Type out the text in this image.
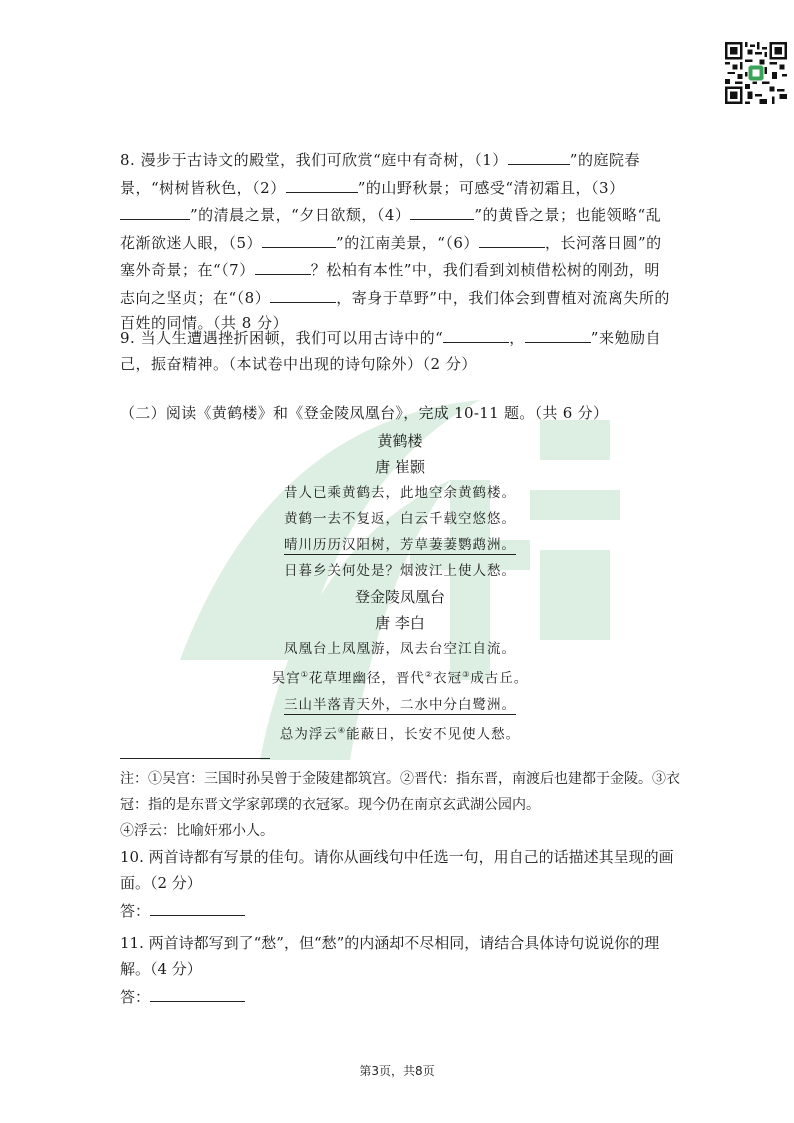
8. 漫步于古诗文的殿堂，我们可欣赏“庭中有奇树，（1）	”的庭院春景，“树树皆秋色，（2）	”的山野秋景；可感受“清初霜且，（3）”的清晨之景，“夕日欲颓，（4）	”的黄昏之景；也能领略“乱花渐欲迷人眼，（5）	”的江南美景，“（6）	，长河落日圆”的塞外奇景；在“（7）	？松柏有本性”中，我们看到刘桢借松树的刚劲，明志向之坚贞；在“（8）	，寄身于草野”中，我们体会到曹植对流离失所的百姓的同情。（共 8 分）
9. 当人生遭遇挫折困顿，我们可以用古诗中的“	，	”来勉励自己，振奋精神。（本试卷中出现的诗句除外）（2 分）
（二）阅读《黄鹤楼》和《登金陵凤凰台》，完成 10-11 题。（共 6 分）
黄鹤楼
唐 崔颢
昔人已乘黄鹤去，此地空余黄鹤楼。
黄鹤一去不复返，白云千载空悠悠。
晴川历历汉阳树，芳草萋萋鹦鹉洲。
日暮乡关何处是？烟波江上使人愁。
登金陵凤凰台
唐 李白
凤凰台上凤凰游，凤去台空江自流。
吴宫①花草埋幽径，晋代②衣冠③成古丘。
三山半落青天外，二水中分白鹭洲。
总为浮云④能蔽日，长安不见使人愁。
注：①吴宫：三国时孙吴曾于金陵建都筑宫。②晋代：指东晋，南渡后也建都于金陵。③衣冠：指的是东晋文学家郭璞的衣冠冢。现今仍在南京玄武湖公园内。
④浮云：比喻奸邪小人。
10. 两首诗都有写景的佳句。请你从画线句中任选一句，用自己的话描述其呈现的画面。（2 分）
答：
11. 两首诗都写到了“愁”，但“愁”的内涵却不尽相同，请结合具体诗句说说你的理解。（4 分）
答：
第3页，共8页
